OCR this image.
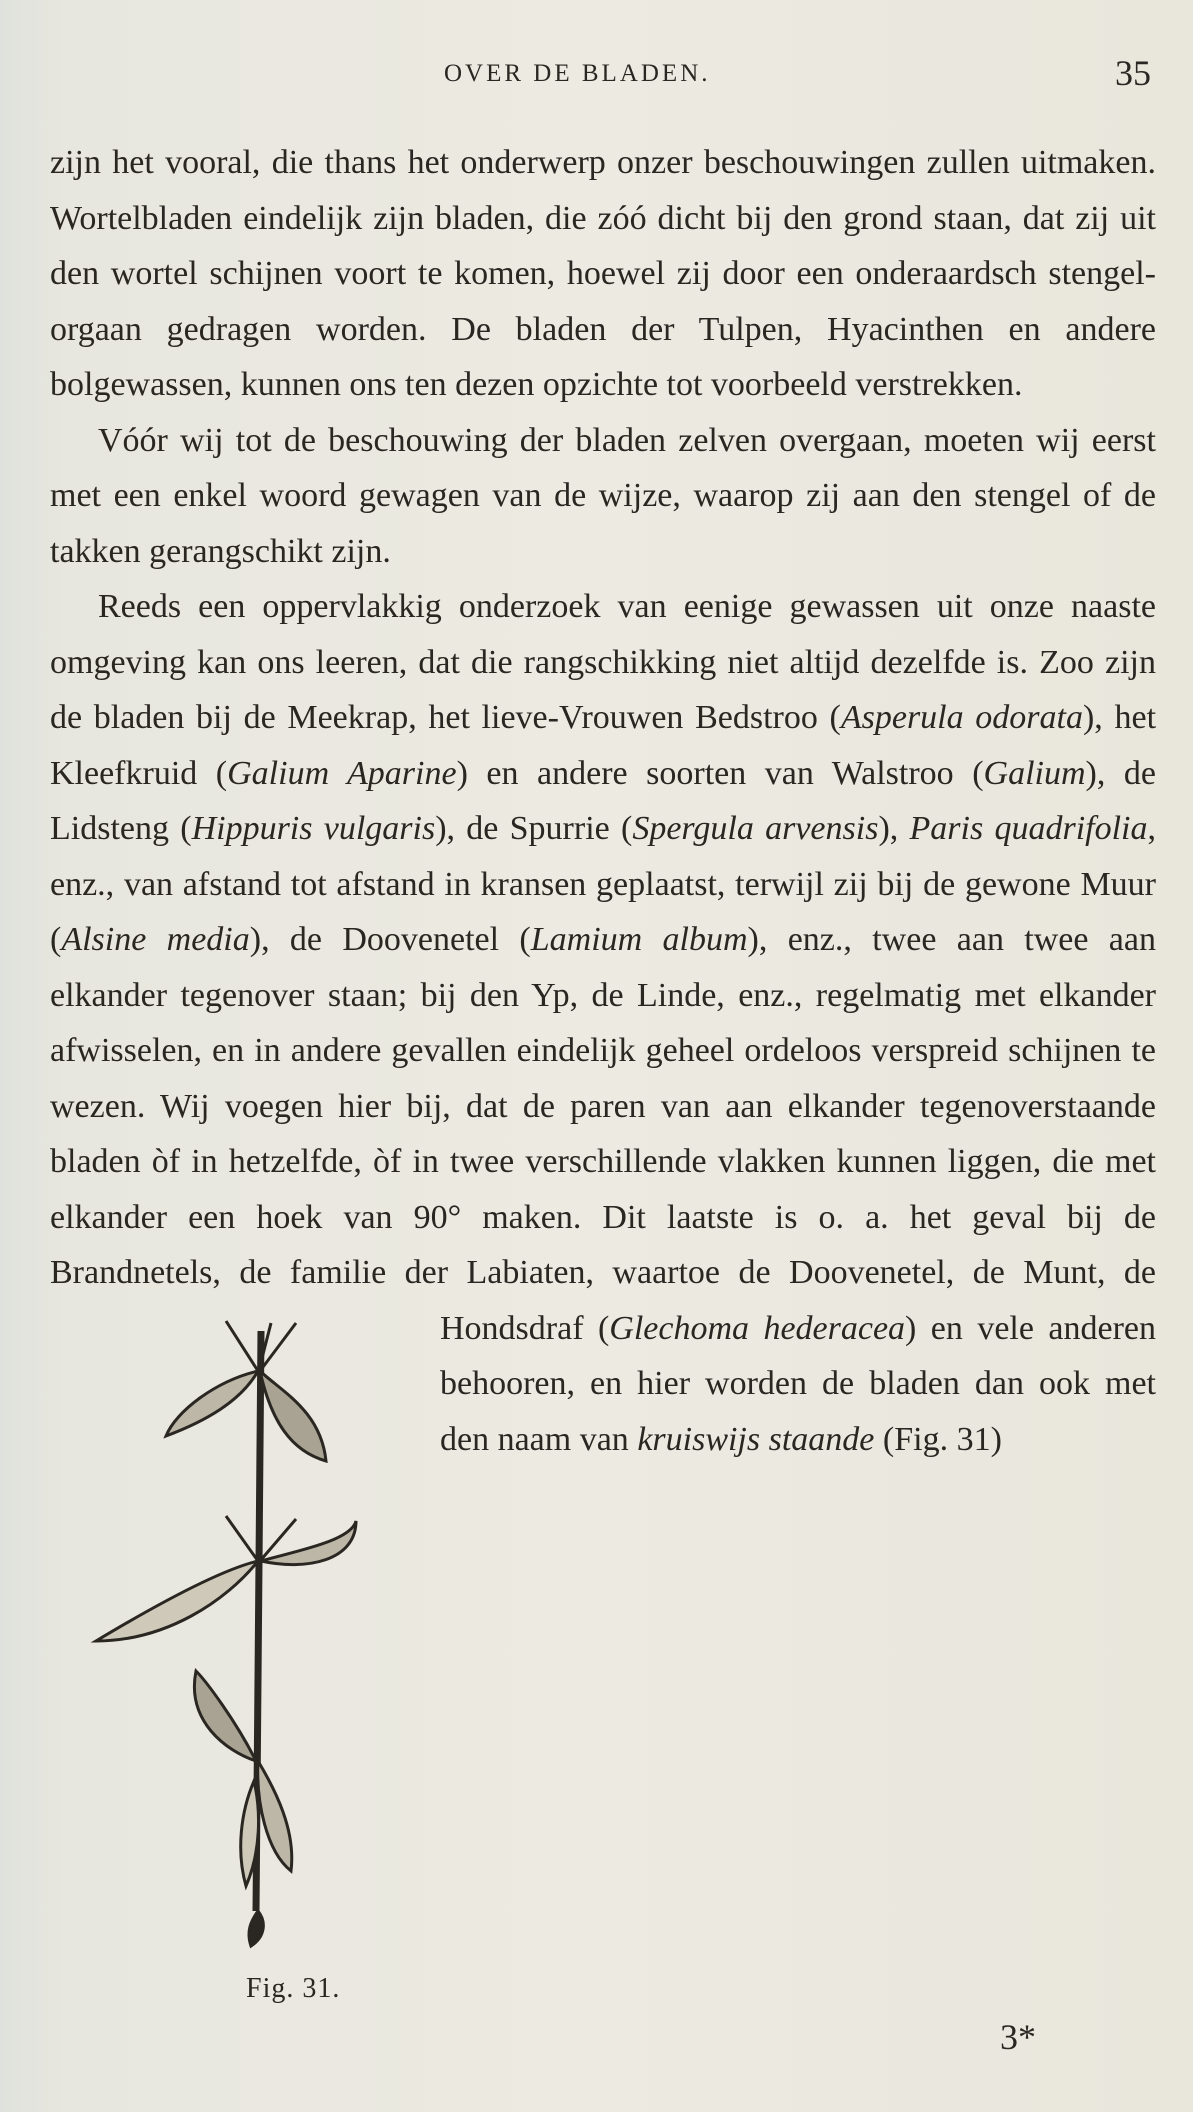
OVER DE BLADEN.	35

zijn het vooral, die thans het onderwerp onzer beschouwingen zullen uitmaken. Wortelbladen eindelijk zijn bladen, die zóó dicht bij den grond staan, dat zij uit den wortel schijnen voort te komen, hoewel zij door een onderaardsch stengel-orgaan gedragen worden. De bladen der Tulpen, Hyacinthen en andere bolgewassen, kunnen ons ten dezen opzichte tot voorbeeld verstrekken.

Vóór wij tot de beschouwing der bladen zelven overgaan, moeten wij eerst met een enkel woord gewagen van de wijze, waarop zij aan den stengel of de takken gerangschikt zijn.

Reeds een oppervlakkig onderzoek van eenige gewassen uit onze naaste omgeving kan ons leeren, dat die rangschikking niet altijd dezelfde is. Zoo zijn de bladen bij de Meekrap, het lieve-Vrouwen Bedstroo (Asperula odorata), het Kleefkruid (Galium Aparine) en andere soorten van Walstroo (Galium), de Lidsteng (Hippuris vulgaris), de Spurrie (Spergula arvensis), Paris quadrifolia, enz., van afstand tot afstand in kransen geplaatst, terwijl zij bij de gewone Muur (Alsine media), de Doovenetel (Lamium album), enz., twee aan twee aan elkander tegenover staan; bij den Yp, de Linde, enz., regelmatig met elkander afwisselen, en in andere gevallen eindelijk geheel ordeloos verspreid schijnen te wezen. Wij voegen hier bij, dat de paren van aan elkander tegenoverstaande bladen òf in hetzelfde, òf in twee verschillende vlakken kunnen liggen, die met elkander een hoek van 90° maken. Dit laatste is o. a. het geval bij de Brandnetels, de familie der Labiaten, waartoe de Doovenetel, de Munt, de Hondsdraf (
Fig. 31.
Glechoma hederacea) en vele anderen behooren, en hier worden de bladen dan ook met den naam van kruiswijs staande (Fig. 31)

3*
